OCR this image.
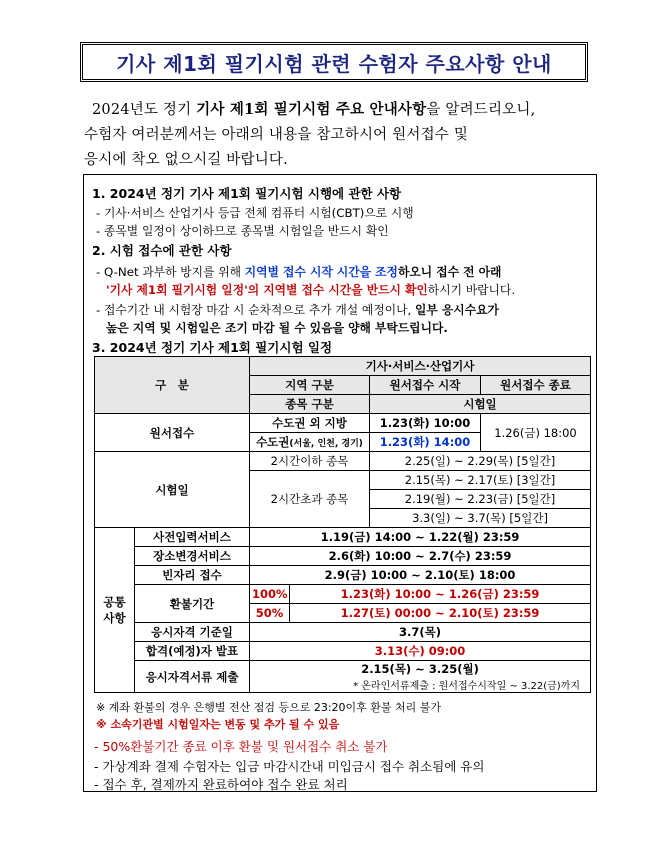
기사 제1회 필기시험 관련 수험자 주요사항 안내
2024년도 정기 기사 제1회 필기시험 주요 안내사항을 알려드리오니,
수험자 여러분께서는 아래의 내용을 참고하시어 원서접수 및
응시에 착오 없으시길 바랍니다.
1. 2024년 정기 기사 제1회 필기시험 시행에 관한 사항
- 기사·서비스 산업기사 등급 전체 컴퓨터 시험(CBT)으로 시행
- 종목별 일정이 상이하므로 종목별 시험일을 반드시 확인
2. 시험 접수에 관한 사항
- Q-Net 과부하 방지를 위해 지역별 접수 시작 시간을 조정하오니 접수 전 아래
'기사 제1회 필기시험 일정'의 지역별 접수 시간을 반드시 확인하시기 바랍니다.
- 접수기간 내 시험장 마감 시 순차적으로 추가 개설 예정이나, 일부 응시수요가
높은 지역 및 시험일은 조기 마감 될 수 있음을 양해 부탁드립니다.
3. 2024년 정기 기사 제1회 필기시험 일정
구　분		기사·서비스·산업기사			
		지역 구분		원서접수 시작	원서접수 종료
		종목 구분		시험일	
원서접수		수도권 외 지방		1.23(화) 10:00	1.26(금) 18:00
		수도권(서울, 인천, 경기)		1.23(화) 14:00	
시험일		2시간이하 종목		2.25(일) ~ 2.29(목) [5일간]	
		2시간초과 종목		2.15(목) ~ 2.17(토) [3일간]	
				2.19(월) ~ 2.23(금) [5일간]	
				3.3(일) ~ 3.7(목) [5일간]	
공통 사항	사전입력서비스	1.19(금) 14:00 ~ 1.22(월) 23:59			
	장소변경서비스	2.6(화) 10:00 ~ 2.7(수) 23:59			
	빈자리 접수	2.9(금) 10:00 ~ 2.10(토) 18:00			
	환불기간	100%	1.23(화) 10:00 ~ 1.26(금) 23:59		
		50%	1.27(토) 00:00 ~ 2.10(토) 23:59		
	응시자격 기준일	3.7(목)			
	합격(예정)자 발표	3.13(수) 09:00			
	응시자격서류 제출	2.15(목) ~ 3.25(월)			
		* 온라인서류제출 : 원서접수시작일 ~ 3.22(금)까지			
※ 계좌 환불의 경우 은행별 전산 점검 등으로 23:20이후 환불 처리 불가
※ 소속기관별 시험일자는 변동 및 추가 될 수 있음
- 50%환불기간 종료 이후 환불 및 원서접수 취소 불가
- 가상계좌 결제 수험자는 입금 마감시간내 미입금시 접수 취소됨에 유의
- 접수 후, 결제까지 완료하여야 접수 완료 처리
